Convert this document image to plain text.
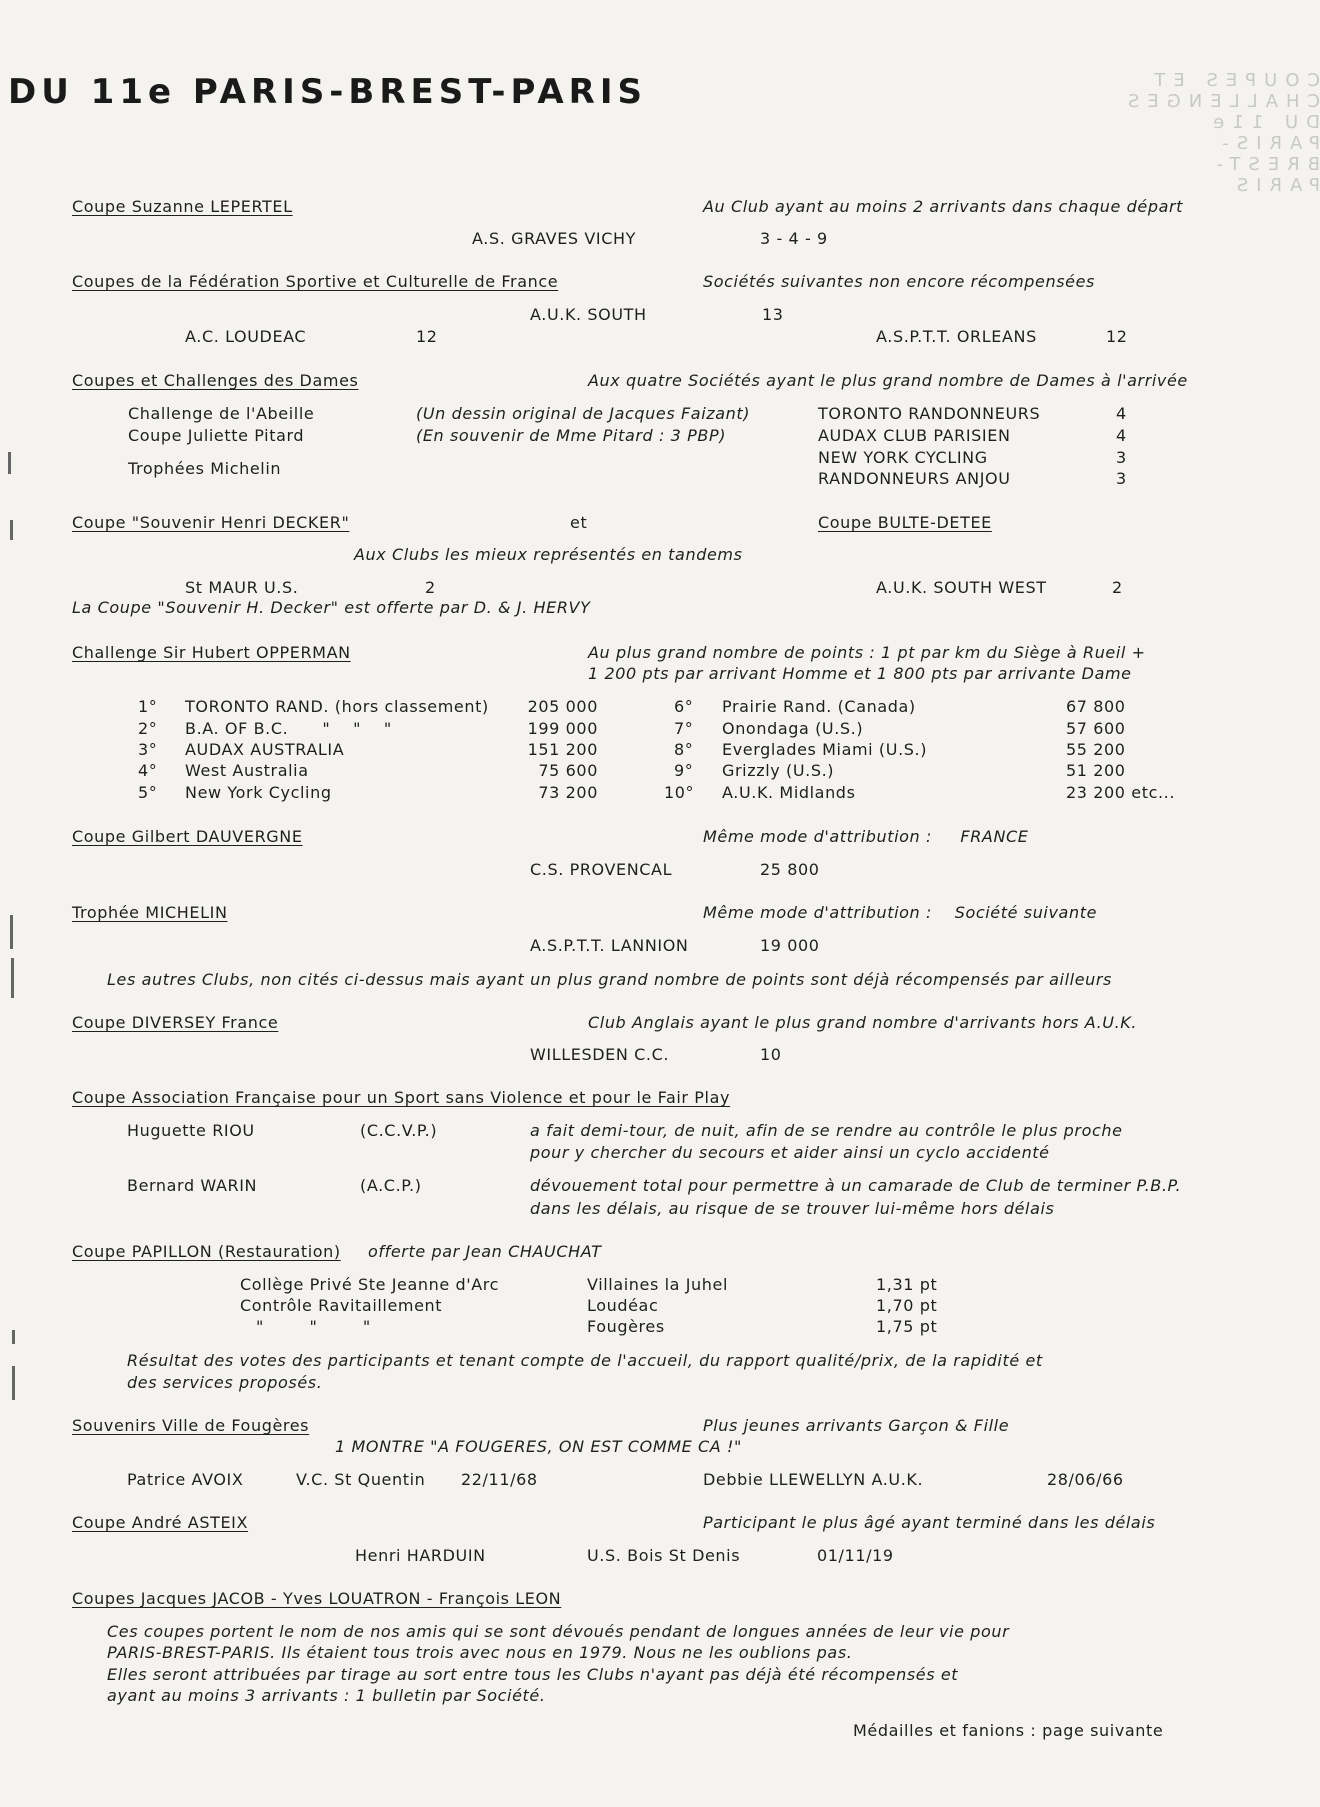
COUPES ET CHALLENGES DU 11e PARIS-BREST-PARIS
DU 11e PARIS-BREST-PARIS
Coupe Suzanne LEPERTEL	Au Club ayant au moins 2 arrivants dans chaque départ
A.S. GRAVES VICHY	3 - 4 - 9
Coupes de la Fédération Sportive et Culturelle de France	Sociétés suivantes non encore récompensées
A.U.K. SOUTH	13
A.C. LOUDEAC	12	A.S.P.T.T. ORLEANS	12
Coupes et Challenges des Dames	Aux quatre Sociétés ayant le plus grand nombre de Dames à l'arrivée
Challenge de l'Abeille	(Un dessin original de Jacques Faizant)	TORONTO RANDONNEURS	4
Coupe Juliette Pitard	(En souvenir de Mme Pitard : 3 PBP)	AUDAX CLUB PARISIEN	4
NEW YORK CYCLING	3
Trophées Michelin
RANDONNEURS ANJOU	3
Coupe "Souvenir Henri DECKER"	et	Coupe BULTE-DETEE
Aux Clubs les mieux représentés en tandems
St MAUR U.S.	2	A.U.K. SOUTH WEST	2
La Coupe "Souvenir H. Decker" est offerte par D. & J. HERVY
Challenge Sir Hubert OPPERMAN	Au plus grand nombre de points : 1 pt par km du Siège à Rueil +
1 200 pts par arrivant Homme et 1 800 pts par arrivante Dame
1° TORONTO RAND. (hors classement)	205 000
2° B.A. OF B.C.      "    "    "	199 000
3° AUDAX AUSTRALIA	151 200
4° West Australia	75 600
5° New York Cycling	73 200
6° Prairie Rand. (Canada)	67 800
7° Onondaga (U.S.)	57 600
8° Everglades Miami (U.S.)	55 200
9° Grizzly (U.S.)	51 200
10° A.U.K. Midlands	23 200 etc...
Coupe Gilbert DAUVERGNE	Même mode d'attribution :     FRANCE
C.S. PROVENCAL	25 800
Trophée MICHELIN	Même mode d'attribution :    Société suivante
A.S.P.T.T. LANNION	19 000
Les autres Clubs, non cités ci-dessus mais ayant un plus grand nombre de points sont déjà récompensés par ailleurs
Coupe DIVERSEY France	Club Anglais ayant le plus grand nombre d'arrivants hors A.U.K.
WILLESDEN C.C.	10
Coupe Association Française pour un Sport sans Violence et pour le Fair Play
Huguette RIOU	(C.C.V.P.)	a fait demi-tour, de nuit, afin de se rendre au contrôle le plus proche
pour y chercher du secours et aider ainsi un cyclo accidenté
Bernard WARIN	(A.C.P.)	dévouement total pour permettre à un camarade de Club de terminer P.B.P.
dans les délais, au risque de se trouver lui-même hors délais
Coupe PAPILLON (Restauration) offerte par Jean CHAUCHAT
Collège Privé Ste Jeanne d'Arc	Villaines la Juhel	1,31 pt
Contrôle Ravitaillement	Loudéac	1,70 pt
"        "        "	Fougères	1,75 pt
Résultat des votes des participants et tenant compte de l'accueil, du rapport qualité/prix, de la rapidité et
des services proposés.
Souvenirs Ville de Fougères	Plus jeunes arrivants Garçon & Fille
1 MONTRE "A FOUGERES, ON EST COMME CA !"
Patrice AVOIX	V.C. St Quentin 22/11/68	Debbie LLEWELLYN A.U.K.	28/06/66
Coupe André ASTEIX	Participant le plus âgé ayant terminé dans les délais
Henri HARDUIN	U.S. Bois St Denis	01/11/19
Coupes Jacques JACOB - Yves LOUATRON - François LEON
Ces coupes portent le nom de nos amis qui se sont dévoués pendant de longues années de leur vie pour
PARIS-BREST-PARIS. Ils étaient tous trois avec nous en 1979. Nous ne les oublions pas.
Elles seront attribuées par tirage au sort entre tous les Clubs n'ayant pas déjà été récompensés et
ayant au moins 3 arrivants : 1 bulletin par Société.
Médailles et fanions : page suivante
